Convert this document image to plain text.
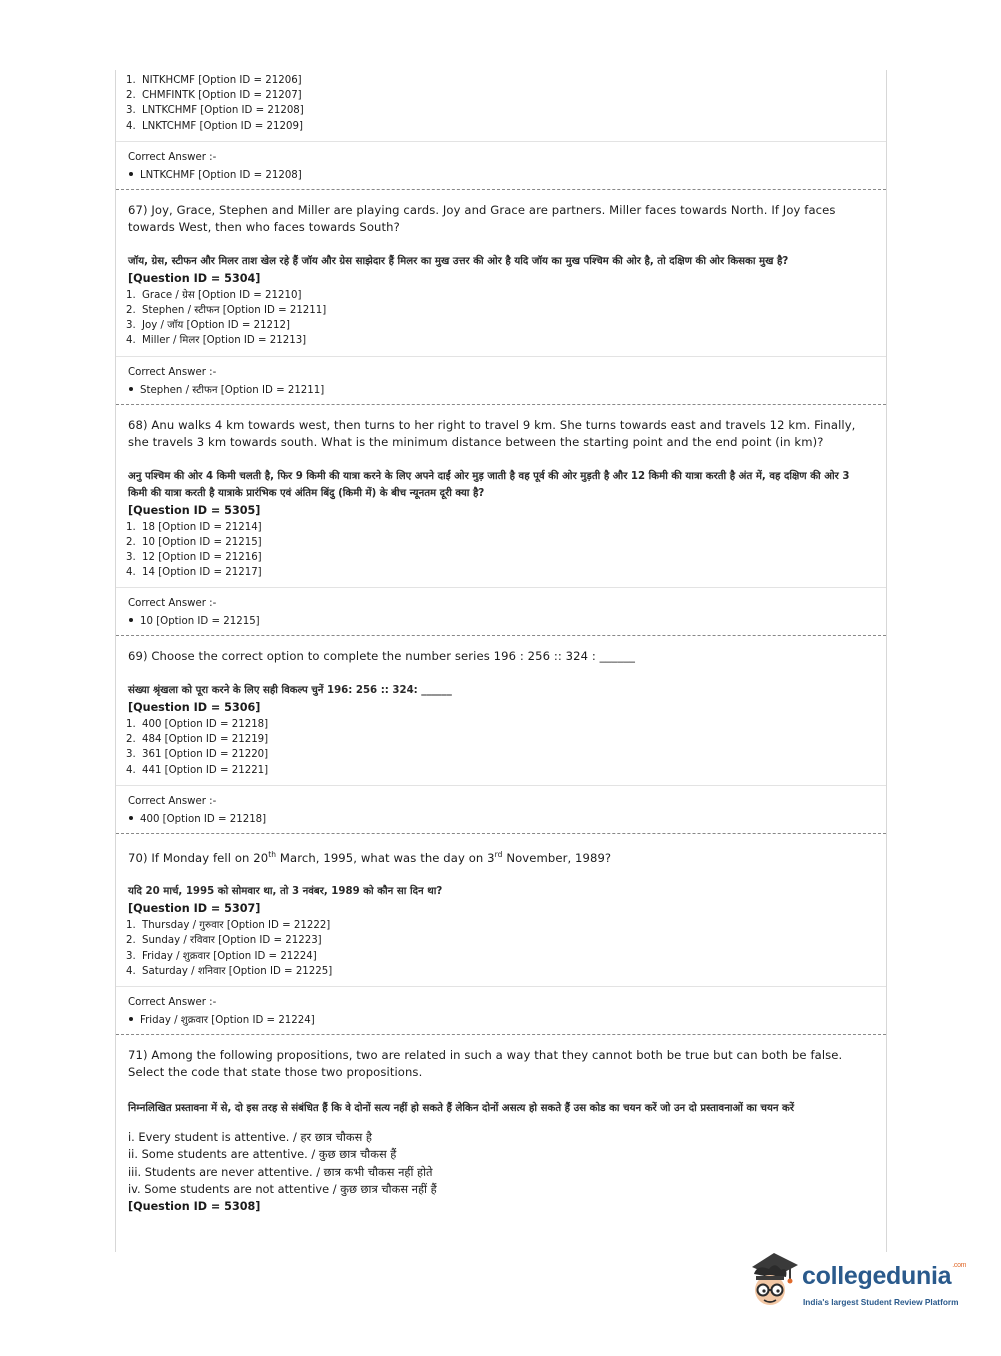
1. NITKHCMF [Option ID = 21206]
2. CHMFINTK [Option ID = 21207]
3. LNTKCHMF [Option ID = 21208]
4. LNKTCHMF [Option ID = 21209]
Correct Answer :-
LNTKCHMF [Option ID = 21208]
67) Joy, Grace, Stephen and Miller are playing cards. Joy and Grace are partners. Miller faces towards North. If Joy faces towards West, then who faces towards South?
जॉय, ग्रेस, स्टीफन और मिलर ताश खेल रहे हैं जॉय और ग्रेस साझेदार हैं मिलर का मुख उत्तर की ओर है यदि जॉय का मुख पश्चिम की ओर है, तो दक्षिण की ओर किसका मुख है?
[Question ID = 5304]
1. Grace / ग्रेस [Option ID = 21210]
2. Stephen / स्टीफन [Option ID = 21211]
3. Joy / जॉय [Option ID = 21212]
4. Miller / मिलर [Option ID = 21213]
Correct Answer :-
Stephen / स्टीफन [Option ID = 21211]
68) Anu walks 4 km towards west, then turns to her right to travel 9 km. She turns towards east and travels 12 km. Finally, she travels 3 km towards south. What is the minimum distance between the starting point and the end point (in km)?
अनु पश्चिम की ओर 4 किमी चलती है, फिर 9 किमी की यात्रा करने के लिए अपने दाईं ओर मुड़ जाती है वह पूर्व की ओर मुड़ती है और 12 किमी की यात्रा करती है अंत में, वह दक्षिण की ओर 3 किमी की यात्रा करती है यात्राके प्रारंभिक एवं अंतिम बिंदु (किमी में) के बीच न्यूनतम दूरी क्या है?
[Question ID = 5305]
1. 18 [Option ID = 21214]
2. 10 [Option ID = 21215]
3. 12 [Option ID = 21216]
4. 14 [Option ID = 21217]
Correct Answer :-
10 [Option ID = 21215]
69) Choose the correct option to complete the number series 196 : 256 :: 324 : ______
संख्या श्रृंखला को पूरा करने के लिए सही विकल्प चुनें 196: 256 :: 324: ______
[Question ID = 5306]
1. 400 [Option ID = 21218]
2. 484 [Option ID = 21219]
3. 361 [Option ID = 21220]
4. 441 [Option ID = 21221]
Correct Answer :-
400 [Option ID = 21218]
70) If Monday fell on 20th March, 1995, what was the day on 3rd November, 1989?
यदि 20 मार्च, 1995 को सोमवार था, तो 3 नवंबर, 1989 को कौन सा दिन था?
[Question ID = 5307]
1. Thursday / गुरुवार [Option ID = 21222]
2. Sunday / रविवार [Option ID = 21223]
3. Friday / शुक्रवार [Option ID = 21224]
4. Saturday / शनिवार [Option ID = 21225]
Correct Answer :-
Friday / शुक्रवार [Option ID = 21224]
71) Among the following propositions, two are related in such a way that they cannot both be true but can both be false. Select the code that state those two propositions.
निम्नलिखित प्रस्तावना में से, दो इस तरह से संबंधित हैं कि वे दोनों सत्य नहीं हो सकते हैं लेकिन दोनों असत्य हो सकते हैं उस कोड का चयन करें जो उन दो प्रस्तावनाओं का चयन करें
i. Every student is attentive. / हर छात्र चौकस है
ii. Some students are attentive. / कुछ छात्र चौकस हैं
iii. Students are never attentive. / छात्र कभी चौकस नहीं होते
iv. Some students are not attentive / कुछ छात्र चौकस नहीं हैं
[Question ID = 5308]
collegedunia$^{.com}$
India's largest Student Review Platform
